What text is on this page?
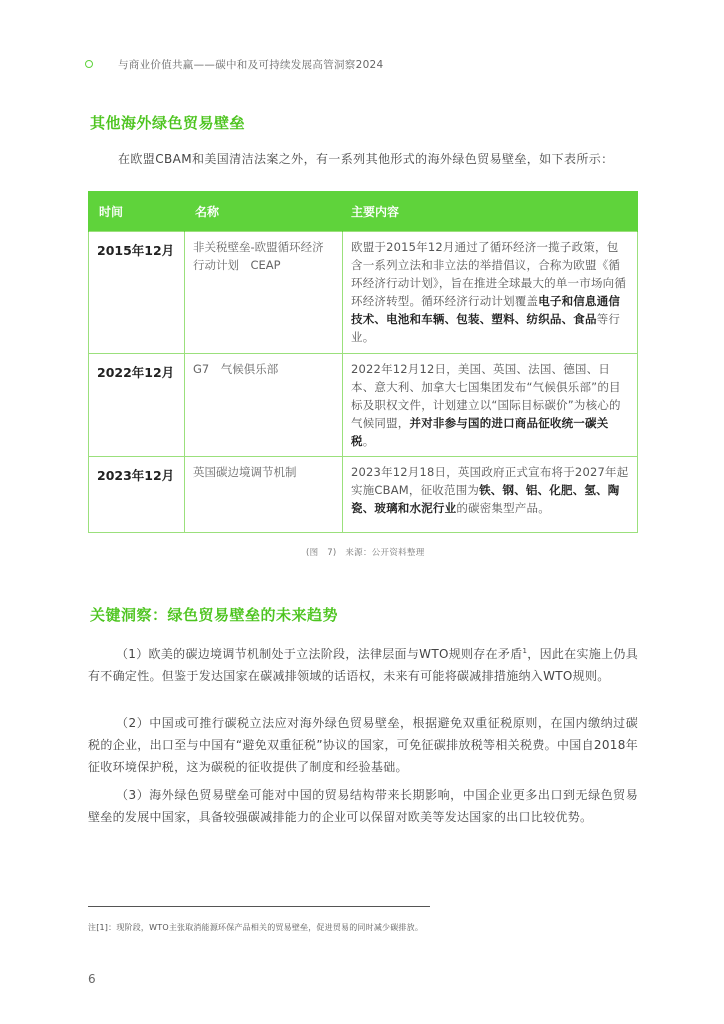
与商业价值共赢——碳中和及可持续发展高管洞察2024
其他海外绿色贸易壁垒
在欧盟CBAM和美国清洁法案之外，有一系列其他形式的海外绿色贸易壁垒，如下表所示：
时间	名称	主要内容
2015年12月	非关税壁垒-欧盟循环经济行动计划　CEAP	欧盟于2015年12月通过了循环经济一揽子政策，包含一系列立法和非立法的举措倡议，合称为欧盟《循环经济行动计划》，旨在推进全球最大的单一市场向循环经济转型。循环经济行动计划覆盖电子和信息通信技术、电池和车辆、包装、塑料、纺织品、食品等行业。
2022年12月	G7　气候俱乐部	2022年12月12日，美国、英国、法国、德国、日本、意大利、加拿大七国集团发布“气候俱乐部”的目标及职权文件，计划建立以“国际目标碳价”为核心的气候同盟，并对非参与国的进口商品征收统一碳关税。
2023年12月	英国碳边境调节机制	2023年12月18日，英国政府正式宣布将于2027年起实施CBAM，征收范围为铁、钢、铝、化肥、氢、陶瓷、玻璃和水泥行业的碳密集型产品。
(图　7)　来源：公开资料整理
关键洞察：绿色贸易壁垒的未来趋势
（1）欧美的碳边境调节机制处于立法阶段，法律层面与WTO规则存在矛盾$^1$，因此在实施上仍具有不确定性。但鉴于发达国家在碳减排领域的话语权，未来有可能将碳减排措施纳入WTO规则。
（2）中国或可推行碳税立法应对海外绿色贸易壁垒，根据避免双重征税原则，在国内缴纳过碳税的企业，出口至与中国有“避免双重征税”协议的国家，可免征碳排放税等相关税费。中国自2018年征收环境保护税，这为碳税的征收提供了制度和经验基础。
（3）海外绿色贸易壁垒可能对中国的贸易结构带来长期影响，中国企业更多出口到无绿色贸易壁垒的发展中国家，具备较强碳减排能力的企业可以保留对欧美等发达国家的出口比较优势。
注[1]：现阶段，WTO主张取消能源环保产品相关的贸易壁垒，促进贸易的同时减少碳排放。
6
